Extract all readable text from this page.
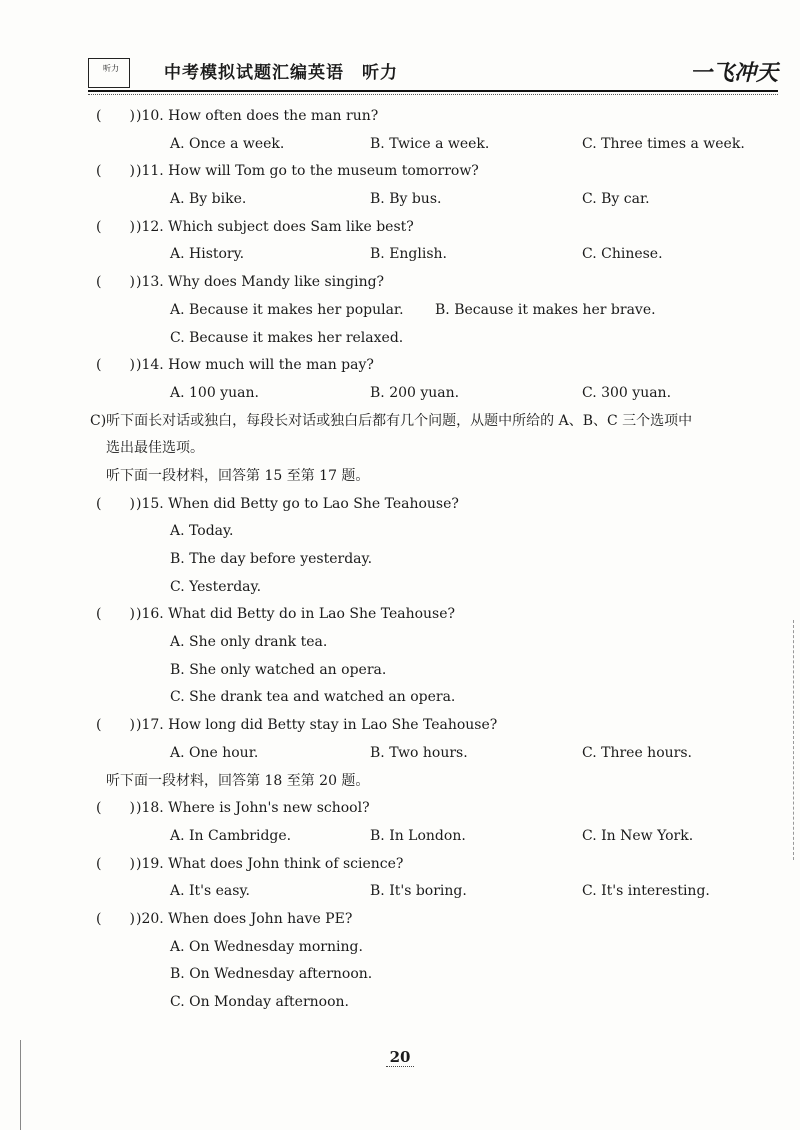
听力	中考模拟试题汇编英语　听力	一飞冲天
(　　) )10. How often does the man run?
A. Once a week.	B. Twice a week.	C. Three times a week.
(　　) )11. How will Tom go to the museum tomorrow?
A. By bike.	B. By bus.	C. By car.
(　　) )12. Which subject does Sam like best?
A. History.	B. English.	C. Chinese.
(　　) )13. Why does Mandy like singing?
A. Because it makes her popular. B. Because it makes her brave.
C. Because it makes her relaxed.
(　　) )14. How much will the man pay?
A. 100 yuan.	B. 200 yuan.	C. 300 yuan.
C)听下面长对话或独白，每段长对话或独白后都有几个问题，从题中所给的 A、B、C 三个选项中
选出最佳选项。
听下面一段材料，回答第 15 至第 17 题。
(　　) )15. When did Betty go to Lao She Teahouse?
A. Today.
B. The day before yesterday.
C. Yesterday.
(　　) )16. What did Betty do in Lao She Teahouse?
A. She only drank tea.
B. She only watched an opera.
C. She drank tea and watched an opera.
(　　) )17. How long did Betty stay in Lao She Teahouse?
A. One hour.	B. Two hours.	C. Three hours.
听下面一段材料，回答第 18 至第 20 题。
(　　) )18. Where is John's new school?
A. In Cambridge.	B. In London.	C. In New York.
(　　) )19. What does John think of science?
A. It's easy.	B. It's boring.	C. It's interesting.
(　　) )20. When does John have PE?
A. On Wednesday morning.
B. On Wednesday afternoon.
C. On Monday afternoon.
20
